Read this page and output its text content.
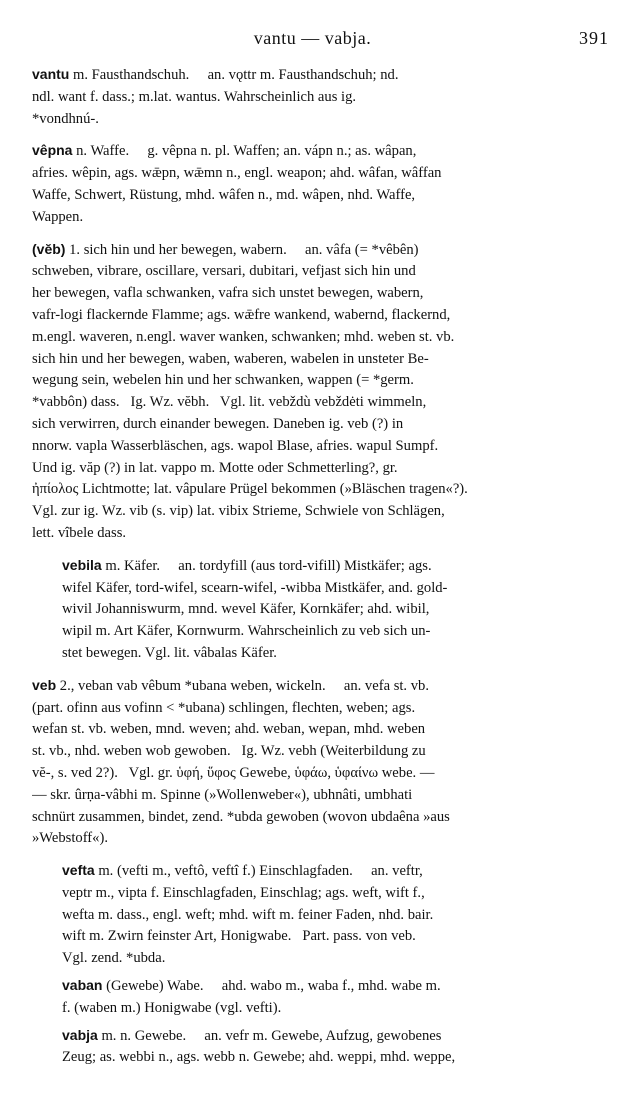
vantu — vabja.	391
vantu m. Fausthandschuh.     an. vǫttr m. Fausthandschuh; nd.
ndl. want f. dass.; m.lat. wantus. Wahrscheinlich aus ig.
*vondhnú-.
vêpna n. Waffe.     g. vêpna n. pl. Waffen; an. vápn n.; as. wâpan,
afries. wêpin, ags. wǣpn, wǣmn n., engl. weapon; ahd. wâfan, wâffan
Waffe, Schwert, Rüstung, mhd. wâfen n., md. wâpen, nhd. Waffe,
Wappen.
(vĕb) 1. sich hin und her bewegen, wabern.     an. vâfa (= *vêbên)
schweben, vibrare, oscillare, versari, dubitari, vefjast sich hin und
her bewegen, vafla schwanken, vafra sich unstet bewegen, wabern,
vafr-logi flackernde Flamme; ags. wǣfre wankend, wabernd, flackernd,
m.engl. waveren, n.engl. waver wanken, schwanken; mhd. weben st. vb.
sich hin und her bewegen, waben, waberen, wabelen in unsteter Be-
wegung sein, webelen hin und her schwanken, wappen (= *germ.
*vabbôn) dass.   Ig. Wz. vĕbh.   Vgl. lit. vebždù vebždėti wimmeln,
sich verwirren, durch einander bewegen. Daneben ig. veb (?) in
nnorw. vapla Wasserbläschen, ags. wapol Blase, afries. wapul Sumpf.
Und ig. văp (?) in lat. vappo m. Motte oder Schmetterling?, gr.
ἠπίολος Lichtmotte; lat. vâpulare Prügel bekommen (»Bläschen tragen«?).
Vgl. zur ig. Wz. vib (s. vip) lat. vibix Strieme, Schwiele von Schlägen,
lett. vîbele dass.
vebila m. Käfer.     an. tordyfill (aus tord-vifill) Mistkäfer; ags.
wifel Käfer, tord-wifel, scearn-wifel, -wibba Mistkäfer, and. gold-
wivil Johanniswurm, mnd. wevel Käfer, Kornkäfer; ahd. wibil,
wipil m. Art Käfer, Kornwurm. Wahrscheinlich zu veb sich un-
stet bewegen. Vgl. lit. vâbalas Käfer.
veb 2., veban vab vêbum *ubana weben, wickeln.     an. vefa st. vb.
(part. ofinn aus vofinn < *ubana) schlingen, flechten, weben; ags.
wefan st. vb. weben, mnd. weven; ahd. weban, wepan, mhd. weben
st. vb., nhd. weben wob gewoben.   Ig. Wz. vebh (Weiterbildung zu
vĕ-, s. ved 2?).   Vgl. gr. ὑφή, ὕφος Gewebe, ὑφάω, ὑφαίνω webe. —
— skr. ûrṇa-vâbhi m. Spinne (»Wollenweber«), ubhnâti, umbhati
schnürt zusammen, bindet, zend. *ubda gewoben (wovon ubdaêna »aus
»Webstoff«).
vefta m. (vefti m., veftô, veftî f.) Einschlagfaden.     an. veftr,
veptr m., vipta f. Einschlagfaden, Einschlag; ags. weft, wift f.,
wefta m. dass., engl. weft; mhd. wift m. feiner Faden, nhd. bair.
wift m. Zwirn feinster Art, Honigwabe.   Part. pass. von veb.
Vgl. zend. *ubda.
vaban (Gewebe) Wabe.     ahd. wabo m., waba f., mhd. wabe m.
f. (waben m.) Honigwabe (vgl. vefti).
vabja m. n. Gewebe.     an. vefr m. Gewebe, Aufzug, gewobenes
Zeug; as. webbi n., ags. webb n. Gewebe; ahd. weppi, mhd. weppe,
